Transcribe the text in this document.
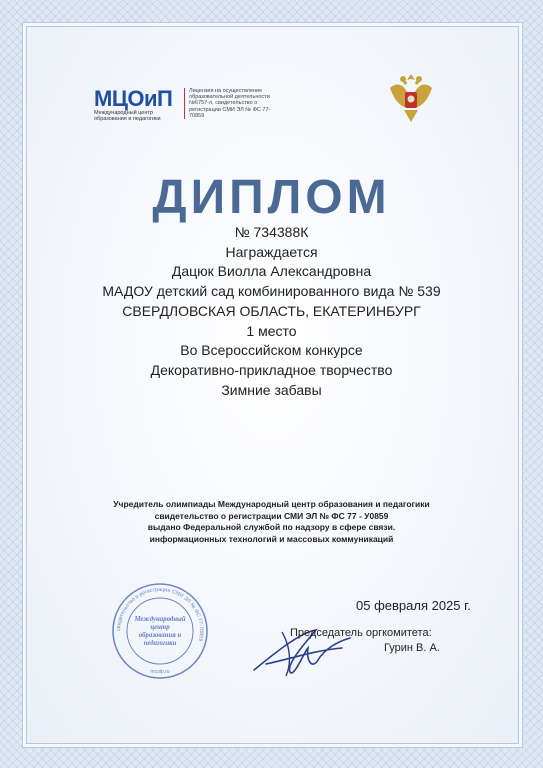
МЦОиП
Международный центр образования и педагогики
Лицензия на осуществление образовательной деятельности №6757-л, свидетельство о регистрации СМИ ЭЛ № ФС 77-70859
ДИПЛОМ
№ 734388К
Награждается
Дацюк Виолла Александровна
МАДОУ детский сад комбинированного вида № 539
СВЕРДЛОВСКАЯ ОБЛАСТЬ, ЕКАТЕРИНБУРГ
1 место
Во Всероссийском конкурсе
Декоративно-прикладное творчество
Зимние забавы
Учредитель олимпиады Международный центр образования и педагогики
свидетельство о регистрации СМИ ЭЛ № ФС 77 - У0859
выдано Федеральной службой по надзору в сфере связи.
информационных технологий и массовых коммуникаций
свидетельство о регистрации СМИ ЭЛ № ФС 77-70859
Международный
центр
образования и
педагогики
mcoip.ru
05 февраля 2025 г.
Председатель оргкомитета:
Гурин В. А.
